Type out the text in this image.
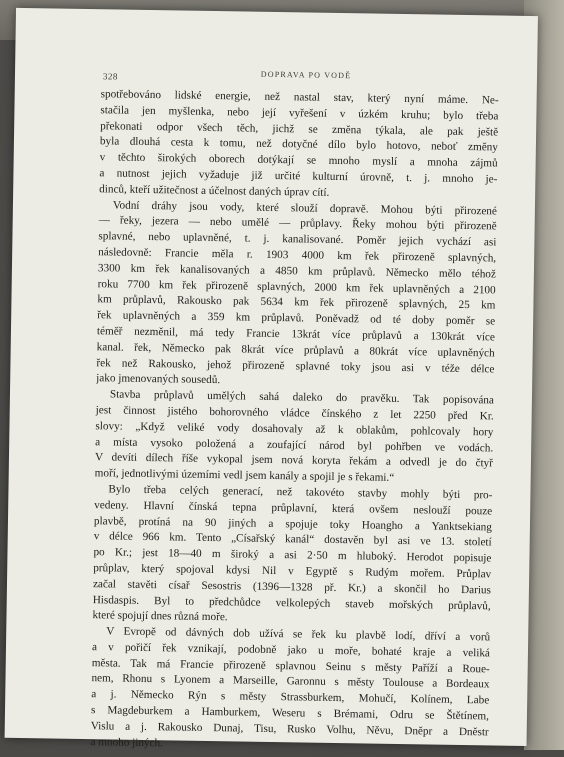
328	DOPRAVA PO VODĚ

spotřebováno lidské energie, než nastal stav, který nyní máme. Ne-

stačila jen myšlenka, nebo její vyřešení v úzkém kruhu; bylo třeba

překonati odpor všech těch, jichž se změna týkala, ale pak ještě

byla dlouhá cesta k tomu, než dotyčné dílo bylo hotovo, neboť změny

v těchto širokých oborech dotýkají se mnoho myslí a mnoha zájmů

a nutnost jejich vyžaduje již určité kulturní úrovně, t. j. mnoho je-

dinců, kteří užitečnost a účelnost daných úprav cítí.

Vodní dráhy jsou vody, které slouží dopravě. Mohou býti přirozené

— řeky, jezera — nebo umělé — průplavy. Řeky mohou býti přirozeně

splavné, nebo uplavněné, t. j. kanalisované. Poměr jejich vychází asi

následovně: Francie měla r. 1903 4000 km řek přirozeně splavných,

3300 km řek kanalisovaných a 4850 km průplavů. Německo mělo téhož

roku 7700 km řek přirozeně splavných, 2000 km řek uplavněných a 2100

km průplavů, Rakousko pak 5634 km řek přirozeně splavných, 25 km

řek uplavněných a 359 km průplavů. Poněvadž od té doby poměr se

téměř nezměnil, má tedy Francie 13krát více průplavů a 130krát více

kanal. řek, Německo pak 8krát více průplavů a 80krát více uplavněných

řek než Rakousko, jehož přirozeně splavné toky jsou asi v téže délce

jako jmenovaných sousedů.

Stavba průplavů umělých sahá daleko do pravěku. Tak popisována

jest činnost jistého bohorovného vládce čínského z let 2250 před Kr.

slovy: „Když veliké vody dosahovaly až k oblakům, pohlcovaly hory

a místa vysoko položená a zoufající národ byl pohřben ve vodách.

V devíti dílech říše vykopal jsem nová koryta řekám a odvedl je do čtyř

moří, jednotlivými územími vedl jsem kanály a spojil je s řekami.“

Bylo třeba celých generací, než takovéto stavby mohly býti pro-

vedeny. Hlavní čínská tepna průplavní, která ovšem neslouží pouze

plavbě, protíná na 90 jiných a spojuje toky Hoangho a Yanktsekiang

v délce 966 km. Tento „Císařský kanál“ dostavěn byl asi ve 13. století

po Kr.; jest 18—40 m široký a asi 2·50 m hluboký. Herodot popisuje

průplav, který spojoval kdysi Nil v Egyptě s Rudým mořem. Průplav

začal stavěti císař Sesostris (1396—1328 př. Kr.) a skončil ho Darius

Hisdaspis. Byl to předchůdce velkolepých staveb mořských průplavů,

které spojují dnes různá moře.

V Evropě od dávných dob užívá se řek ku plavbě lodí, dříví a vorů

a v pořičí řek vznikají, podobně jako u moře, bohaté kraje a veliká

města. Tak má Francie přirozeně splavnou Seinu s městy Paříží a Roue-

nem, Rhonu s Lyonem a Marseille, Garonnu s městy Toulouse a Bordeaux

a j. Německo Rýn s městy Strassburkem, Mohučí, Kolínem, Labe

s Magdeburkem a Hamburkem, Weseru s Brémami, Odru se Štětínem,

Vislu a j. Rakousko Dunaj, Tisu, Rusko Volhu, Něvu, Dněpr a Dněstr

a mnoho jiných.
